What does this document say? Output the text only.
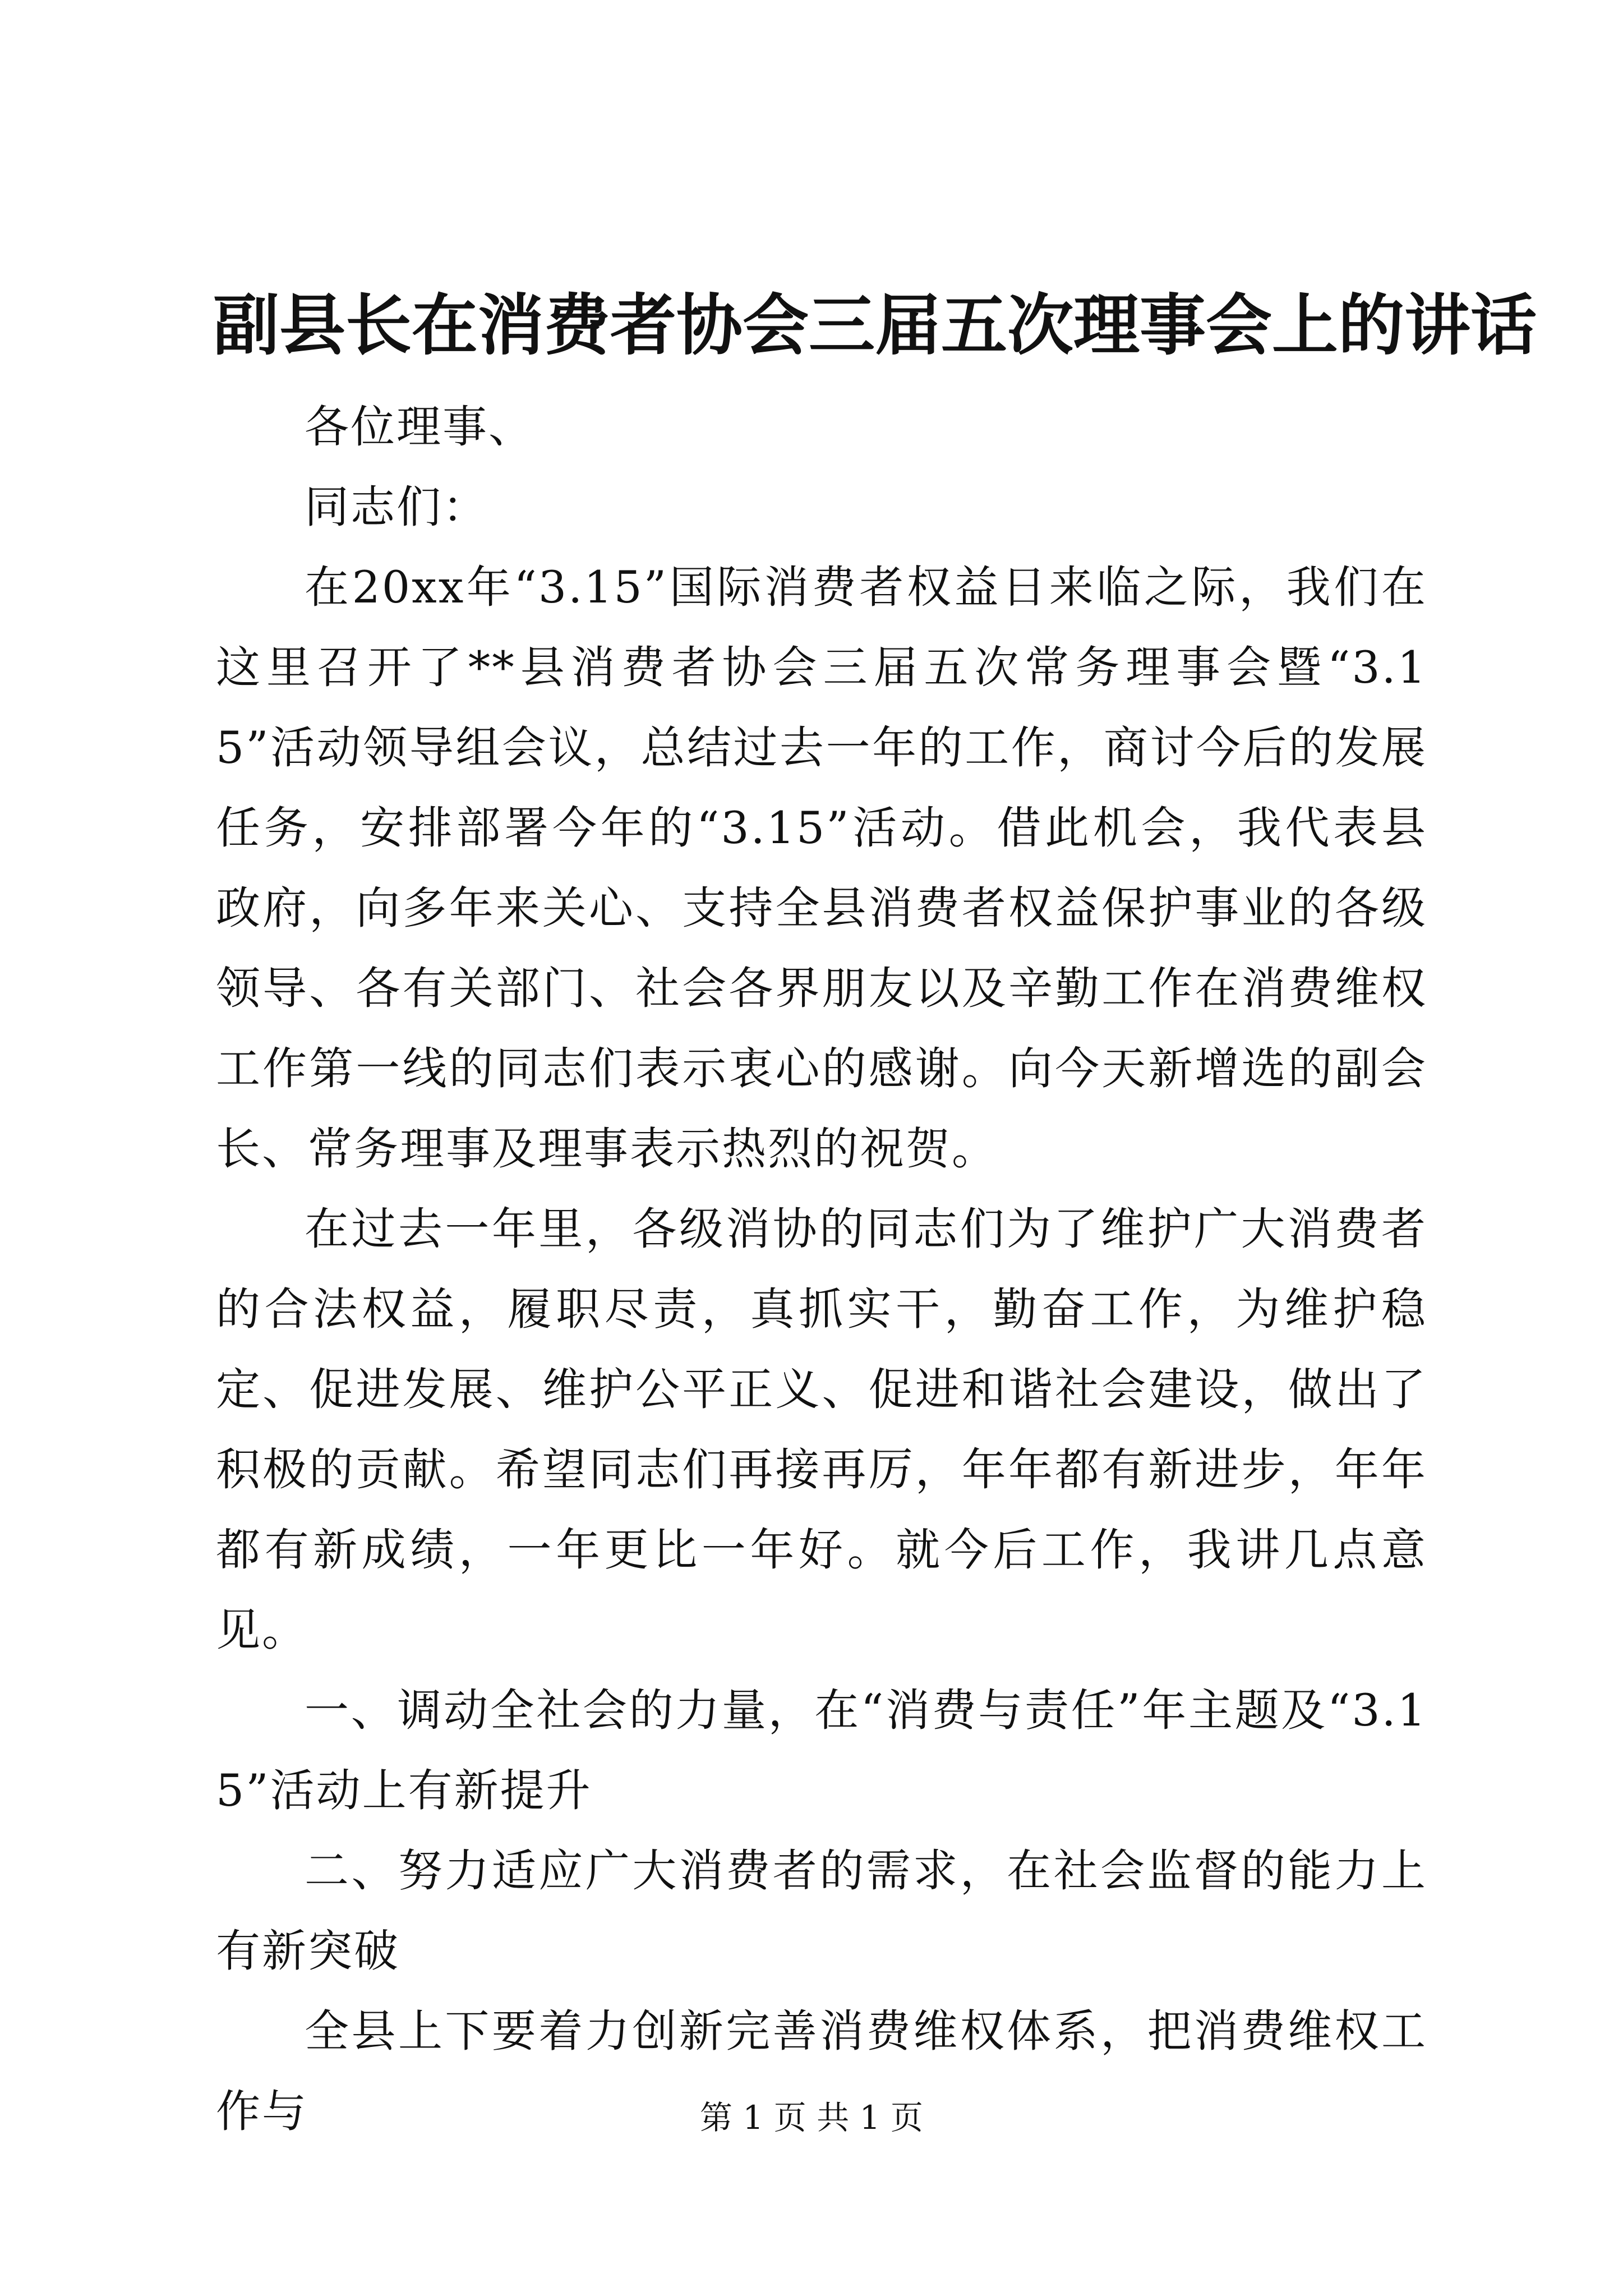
副县长在消费者协会三届五次理事会上的讲话

各位理事、

同志们：

在20xx年“3.15”国际消费者权益日来临之际，我们在这里召开了**县消费者协会三届五次常务理事会暨“3.15”活动领导组会议，总结过去一年的工作，商讨今后的发展任务，安排部署今年的“3.15”活动。借此机会，我代表县政府，向多年来关心、支持全县消费者权益保护事业的各级领导、各有关部门、社会各界朋友以及辛勤工作在消费维权工作第一线的同志们表示衷心的感谢。向今天新增选的副会长、常务理事及理事表示热烈的祝贺。

在过去一年里，各级消协的同志们为了维护广大消费者的合法权益，履职尽责，真抓实干，勤奋工作，为维护稳定、促进发展、维护公平正义、促进和谐社会建设，做出了积极的贡献。希望同志们再接再厉，年年都有新进步，年年都有新成绩，一年更比一年好。就今后工作，我讲几点意见。

一、调动全社会的力量，在“消费与责任”年主题及“3.15”活动上有新提升

二、努力适应广大消费者的需求，在社会监督的能力上有新突破

全县上下要着力创新完善消费维权体系，把消费维权工作与	第 1 页 共 1 页
